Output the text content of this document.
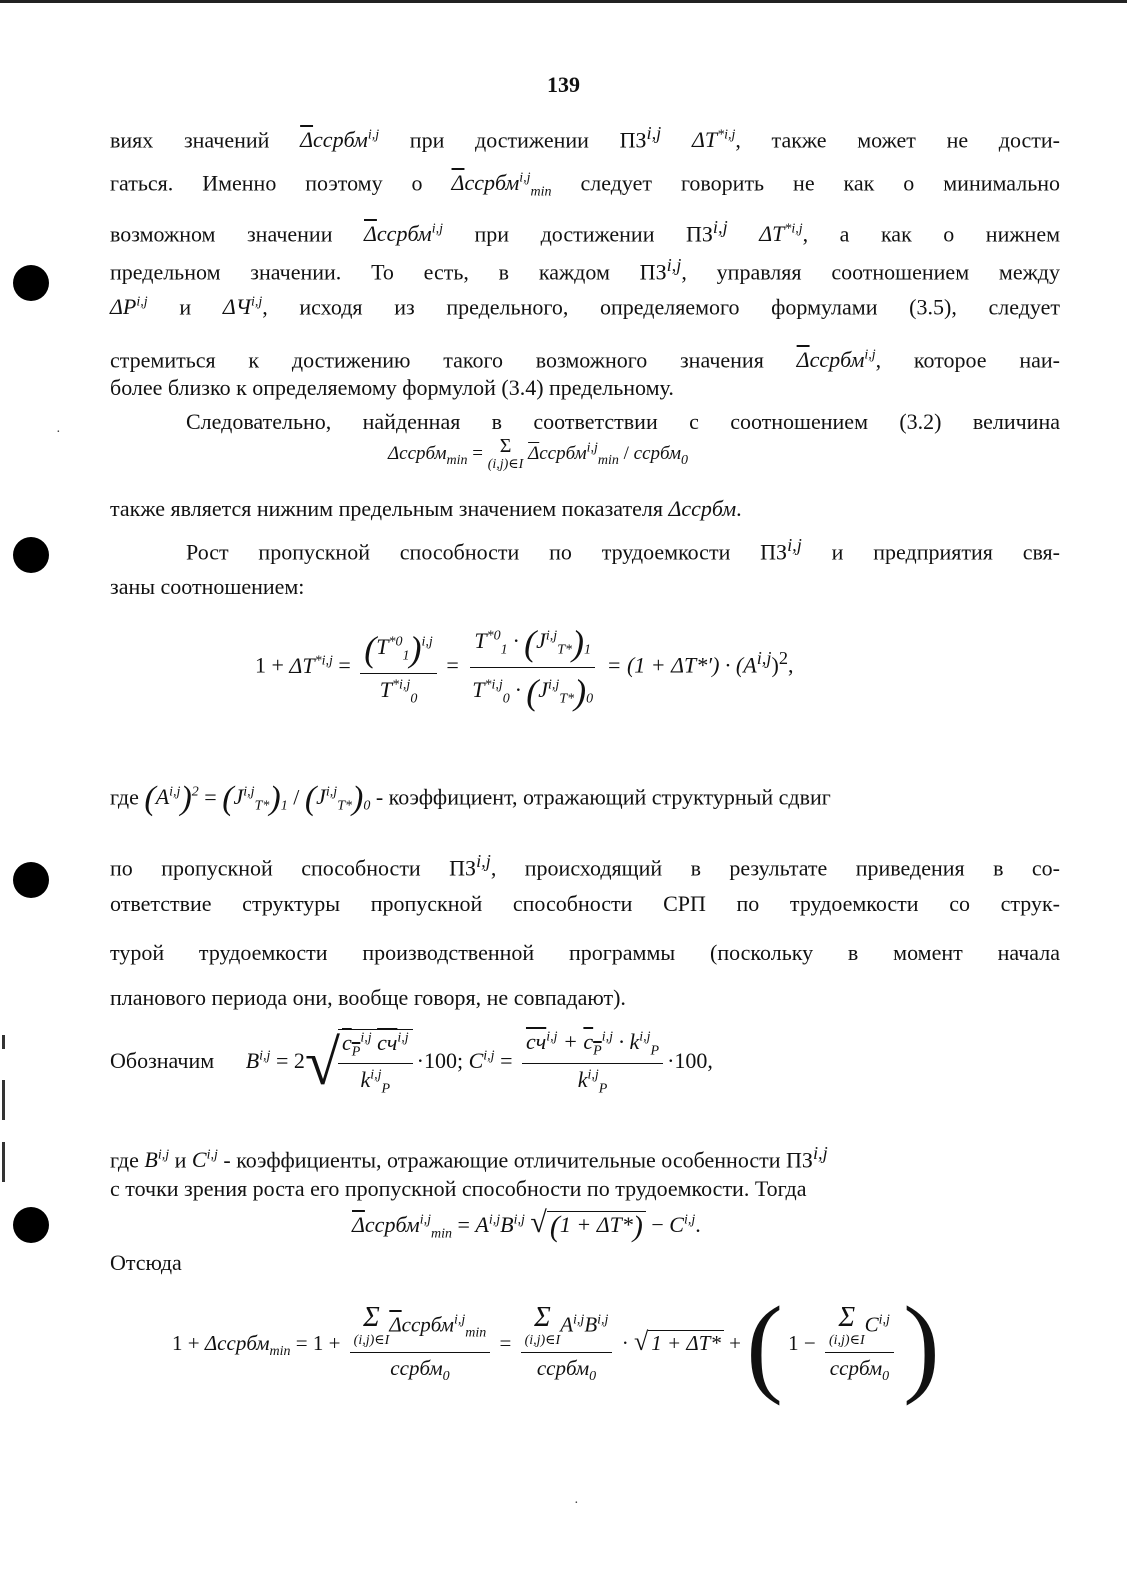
·
·
139
виях значений $\overline{\Delta}ссрбм^{i,j}$ при достижении ПЗ$^{i,j}$ ΔT$^{*i,j}$, также может не дости-
гаться. Именно поэтому о $\overline{\Delta}ссрбм^{i,j}_{min}$ следует говорить не как о минимально
возможном значении $\overline{\Delta}ссрбм^{i,j}$ при достижении ПЗ$^{i,j}$ ΔT$^{*i,j}$, а как о нижнем
предельном значении. То есть, в каждом ПЗ$^{i,j}$, управляя соотношением между
ΔP$^{i,j}$ и ΔЧ$^{i,j}$, исходя из предельного, определяемого формулами (3.5), следует
стремиться к достижению такого возможного значения $\overline{\Delta}ссрбм^{i,j}$, которое наи-
более близко к определяемому формулой (3.4) предельному.
Следовательно, найденная в соответствии с соотношением (3.2) величина
Δссрбм$_{min}$ = Σ
(i,j)∈I
$\overline{\Delta}ссрбм^{i,j}_{min}$ / ссрбм$_0$
также является нижним предельным значением показателя Δссрбм.
Рост пропускной способности по трудоемкости ПЗ$^{i,j}$ и предприятия свя-
заны соотношением:
$1 + \Delta T^{*i,j} = \frac{(T^{*0}_1)^{i,j}}{T^{*i,j}_0} = \frac{T^{*0}_1 \cdot (J^{i,j}_{T*})_1}{T^{*i,j}_0 \cdot (J^{i,j}_{T*})_0} = (1 + \Delta T*') \cdot (A^{i,j})^2$,
где $(A^{i,j})^2 = (J^{i,j}_{T*})_1 / (J^{i,j}_{T*})_0$ - коэффициент, отражающий структурный сдвиг
по пропускной способности ПЗ$^{i,j}$, происходящий в результате приведения в со-
ответствие структуры пропускной способности СРП по трудоемкости со струк-
турой трудоемкости производственной программы (поскольку в момент начала
планового периода они, вообще говоря, не совпадают).
Обозначим B$^{i,j}$ = 2√
$\frac{c_P^{i,j} cч^{i,j}}{k^{i,j}_P} \cdot 100$; $C^{i,j} = \frac{cч^{i,j} + c_P^{i,j} \cdot k^{i,j}_P}{k^{i,j}_P} \cdot 100$,
где B$^{i,j}$ и C$^{i,j}$ - коэффициенты, отражающие отличительные особенности ПЗ$^{i,j}$
с точки зрения роста его пропускной способности по трудоемкости. Тогда
$\overline{\Delta}ссрбм^{i,j}_{min} = A^{i,j}B^{i,j}$ √ (1 + ΔT*) − C$^{i,j}$.
Отсюда
1 + Δссрбм$_{min}$ = 1 + Σ
(i,j)∈I
$\overline{\Delta}ссрбм^{i,j}_{min}$
ссрбм$_0$ = Σ
(i,j)∈I
$A^{i,j}B^{i,j}$
ссрбм$_0$ · √ 1 + ΔT* + ( 1 − Σ
(i,j)∈I
C$^{i,j}$
ссрбм$_0$ )
